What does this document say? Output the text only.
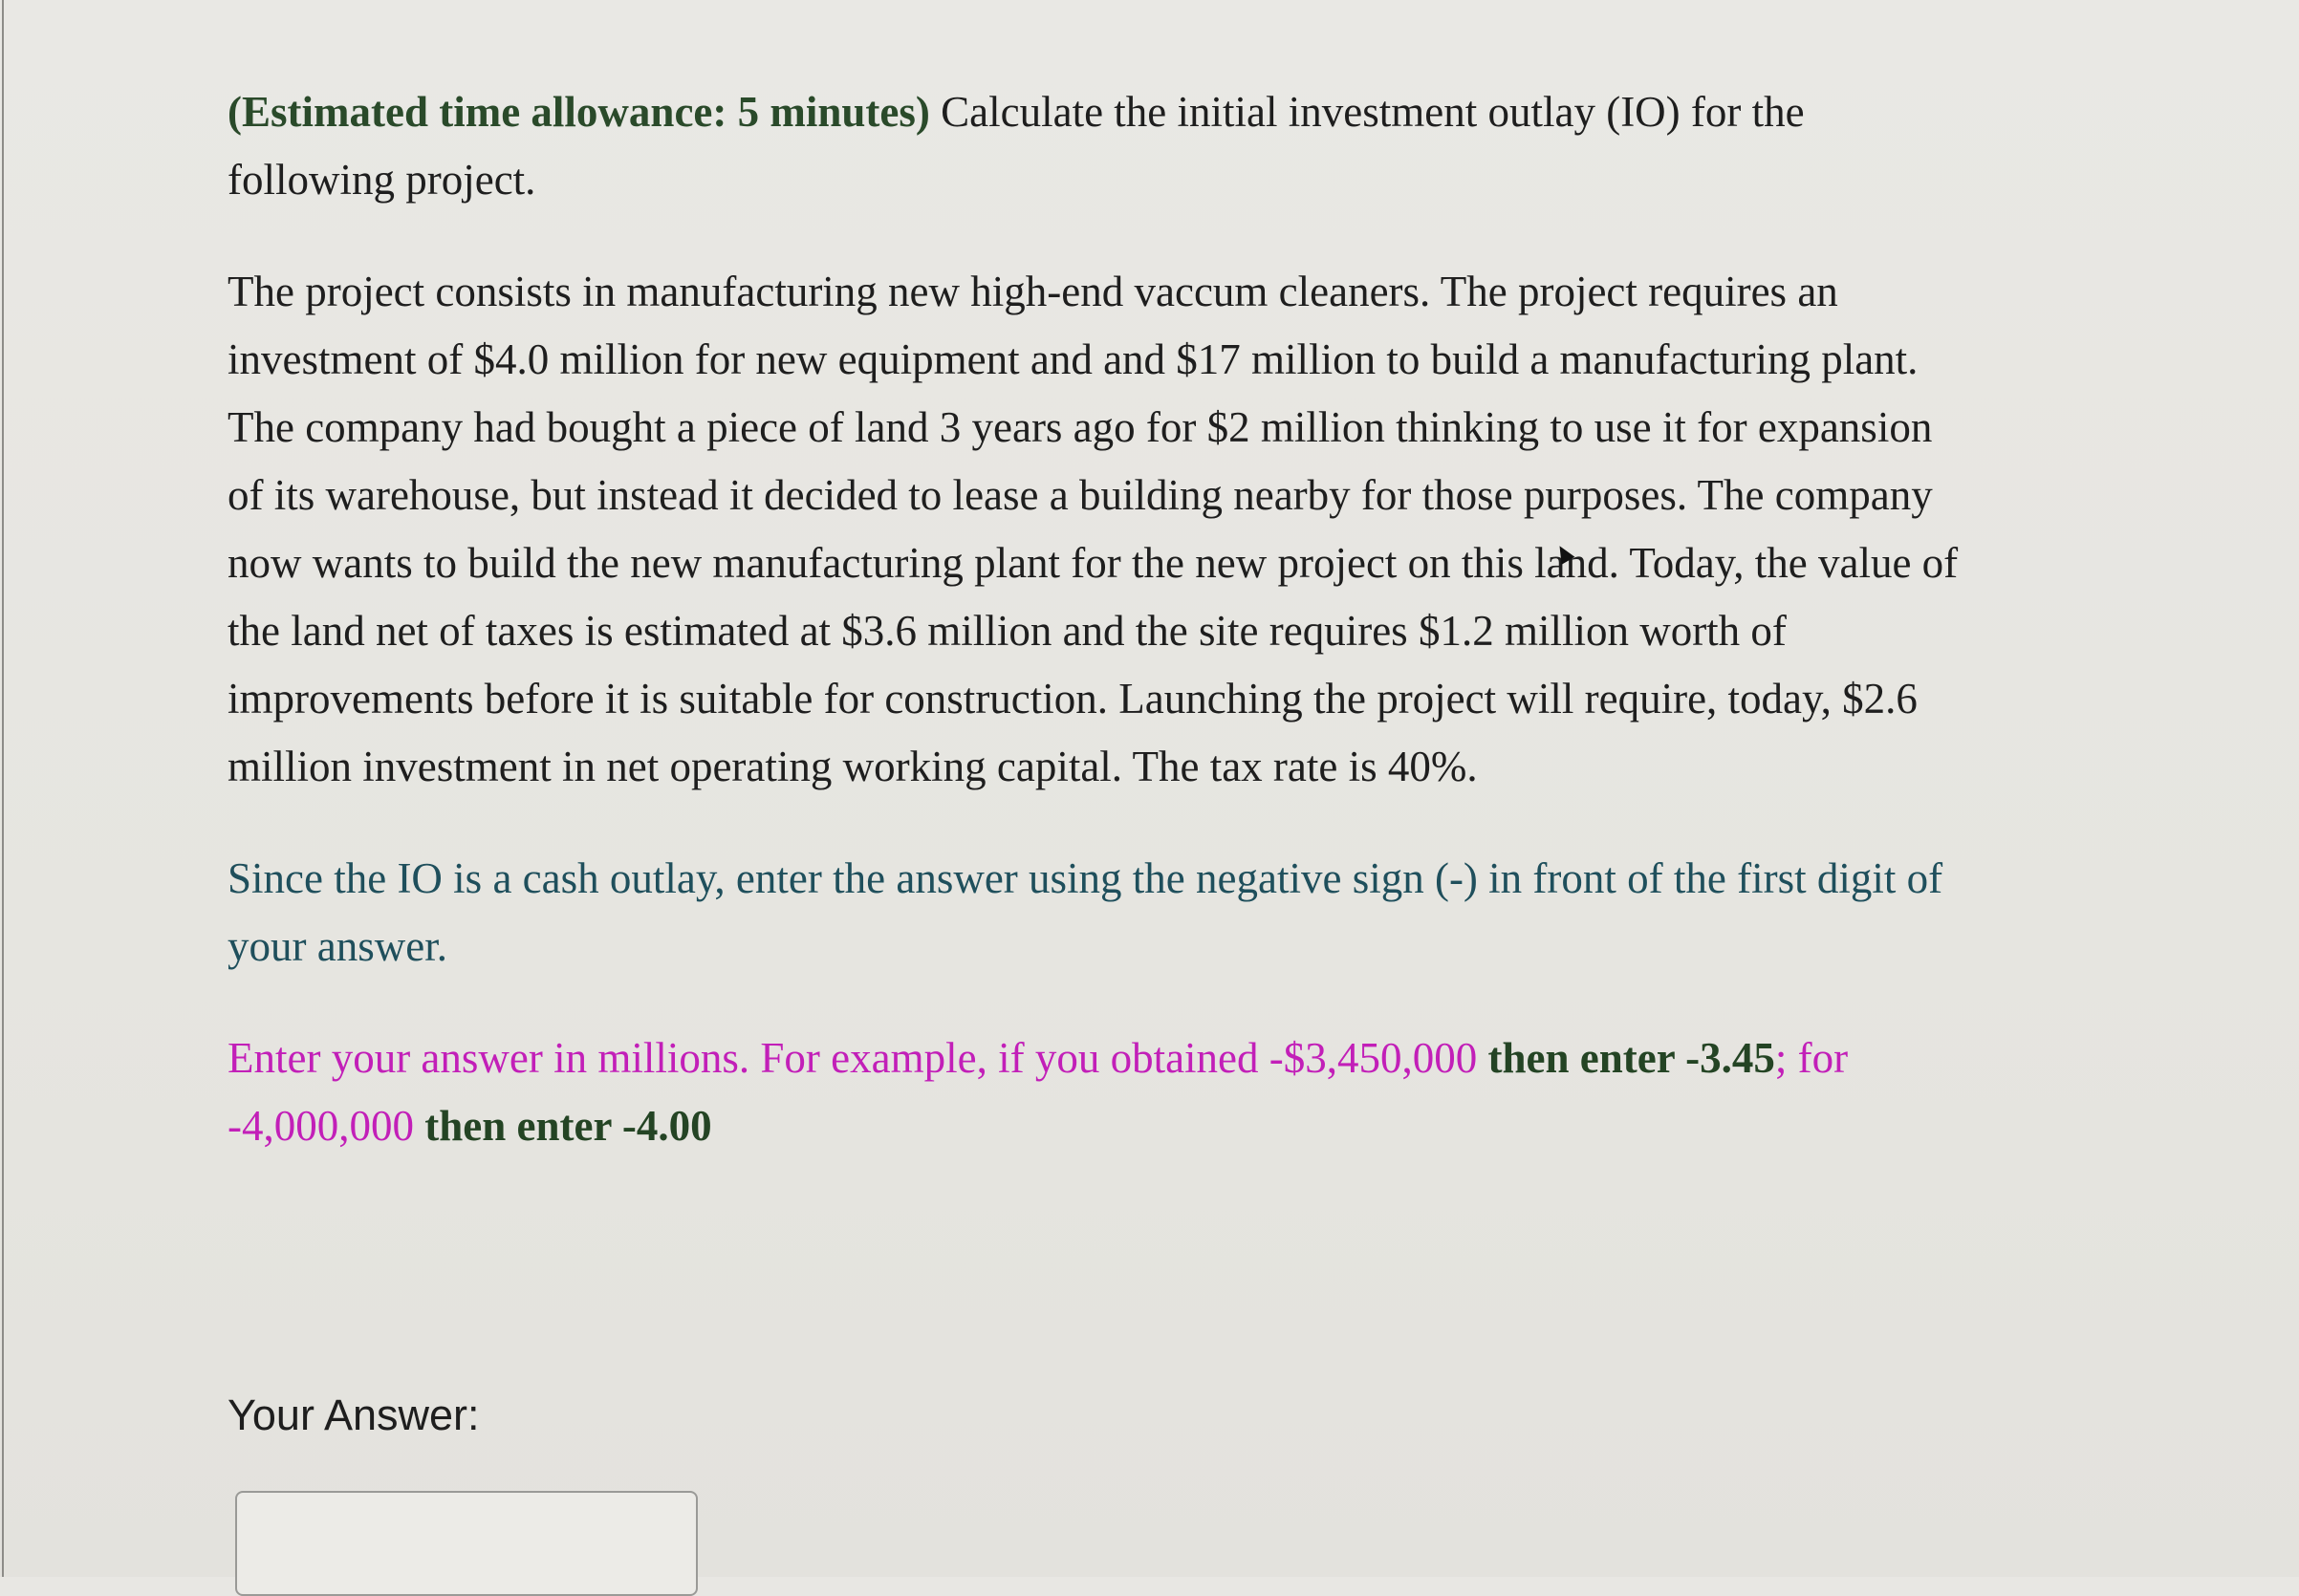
(Estimated time allowance: 5 minutes) Calculate the initial investment outlay (IO) for the following project.

The project consists in manufacturing new high-end vaccum cleaners. The project requires an investment of $4.0 million for new equipment and and $17 million to build a manufacturing plant. The company had bought a piece of land 3 years ago for $2 million thinking to use it for expansion of its warehouse, but instead it decided to lease a building nearby for those purposes. The company now wants to build the new manufacturing plant for the new project on this land. Today, the value of the land net of taxes is estimated at $3.6 million and the site requires $1.2 million worth of improvements before it is suitable for construction. Launching the project will require, today, $2.6 million investment in net operating working capital. The tax rate is 40%.

Since the IO is a cash outlay, enter the answer using the negative sign (-) in front of the first digit of your answer.

Enter your answer in millions. For example, if you obtained -$3,450,000 then enter -3.45; for -4,000,000 then enter -4.00

Your Answer:
